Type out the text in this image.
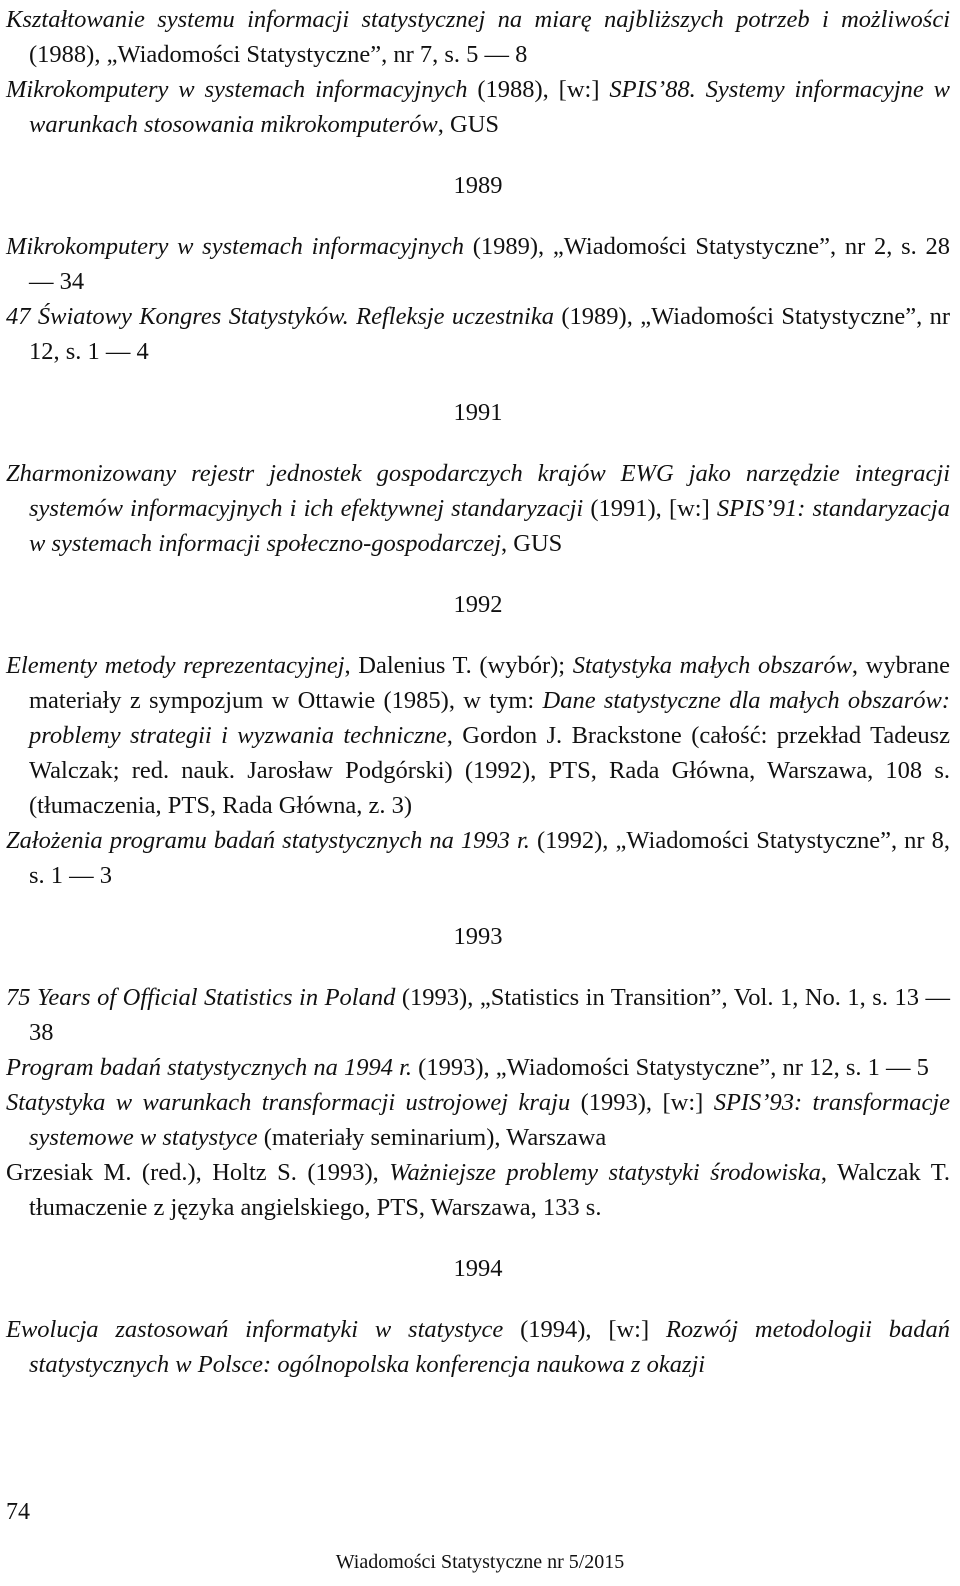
Kształtowanie systemu informacji statystycznej na miarę najbliższych potrzeb i możliwości (1988), „Wiadomości Statystyczne”, nr 7, s. 5 — 8

Mikrokomputery w systemach informacyjnych (1988), [w:] SPIS’88. Systemy informacyjne w warunkach stosowania mikrokomputerów, GUS

1989

Mikrokomputery w systemach informacyjnych (1989), „Wiadomości Statystyczne”, nr 2, s. 28 — 34

47 Światowy Kongres Statystyków. Refleksje uczestnika (1989), „Wiadomości Statystyczne”, nr 12, s. 1 — 4

1991

Zharmonizowany rejestr jednostek gospodarczych krajów EWG jako narzędzie integracji systemów informacyjnych i ich efektywnej standaryzacji (1991), [w:] SPIS’91: standaryzacja w systemach informacji społeczno-gospodarczej, GUS

1992

Elementy metody reprezentacyjnej, Dalenius T. (wybór); Statystyka małych obszarów, wybrane materiały z sympozjum w Ottawie (1985), w tym: Dane statystyczne dla małych obszarów: problemy strategii i wyzwania techniczne, Gordon J. Brackstone (całość: przekład Tadeusz Walczak; red. nauk. Jarosław Podgórski) (1992), PTS, Rada Główna, Warszawa, 108 s. (tłumaczenia, PTS, Rada Główna, z. 3)

Założenia programu badań statystycznych na 1993 r. (1992), „Wiadomości Statystyczne”, nr 8, s. 1 — 3

1993

75 Years of Official Statistics in Poland (1993), „Statistics in Transition”, Vol. 1, No. 1, s. 13 — 38

Program badań statystycznych na 1994 r. (1993), „Wiadomości Statystyczne”, nr 12, s. 1 — 5

Statystyka w warunkach transformacji ustrojowej kraju (1993), [w:] SPIS’93: transformacje systemowe w statystyce (materiały seminarium), Warszawa

Grzesiak M. (red.), Holtz S. (1993), Ważniejsze problemy statystyki środowiska, Walczak T. tłumaczenie z języka angielskiego, PTS, Warszawa, 133 s.

1994

Ewolucja zastosowań informatyki w statystyce (1994), [w:] Rozwój metodologii badań statystycznych w Polsce: ogólnopolska konferencja naukowa z okazji

74
Wiadomości Statystyczne nr 5/2015
